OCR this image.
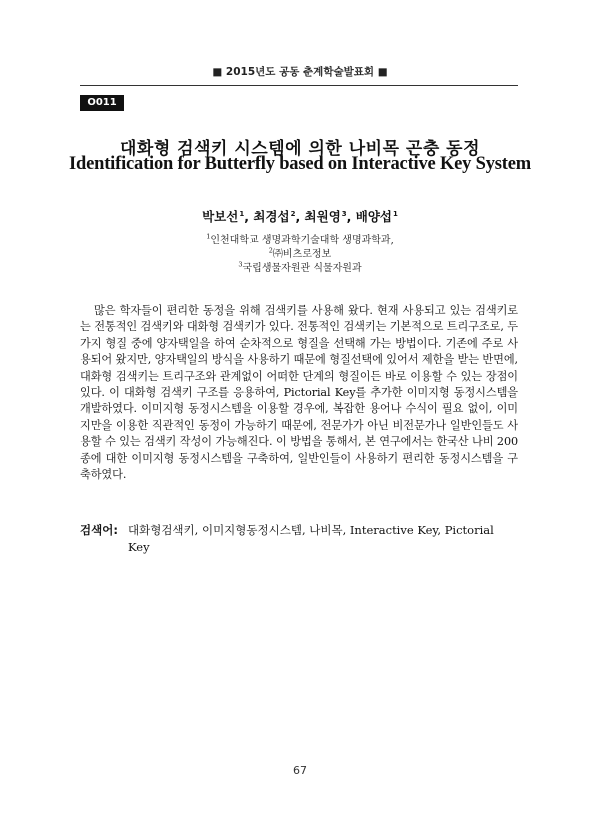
■ 2015년도 공동 춘계학술발표회 ■
O011
대화형 검색키 시스템에 의한 나비목 곤충 동정
Identification for Butterfly based on Interactive Key System
박보선$^1$, 최경섭$^2$, 최원영$^3$, 배양섭$^1$
$^1$인천대학교 생명과학기술대학 생명과학과,
$^2$㈜비츠로정보
$^3$국립생물자원관 식물자원과
많은 학자들이 편리한 동정을 위해 검색키를 사용해 왔다. 현재 사용되고 있는 검색키로는 전통적인 검색키와 대화형 검색키가 있다. 전통적인 검색키는 기본적으로 트리구조로, 두 가지 형질 중에 양자택일을 하여 순차적으로 형질을 선택해 가는 방법이다. 기존에 주로 사용되어 왔지만, 양자택일의 방식을 사용하기 때문에 형질선택에 있어서 제한을 받는 반면에, 대화형 검색키는 트리구조와 관계없이 어떠한 단계의 형질이든 바로 이용할 수 있는 장점이 있다. 이 대화형 검색키 구조를 응용하여, Pictorial Key를 추가한 이미지형 동정시스템을 개발하였다. 이미지형 동정시스템을 이용할 경우에, 복잡한 용어나 수식이 필요 없이, 이미지만을 이용한 직관적인 동정이 가능하기 때문에, 전문가가 아닌 비전문가나 일반인들도 사용할 수 있는 검색키 작성이 가능해진다. 이 방법을 통해서, 본 연구에서는 한국산 나비 200종에 대한 이미지형 동정시스템을 구축하여, 일반인들이 사용하기 편리한 동정시스템을 구축하였다.
검색어: 대화형검색키, 이미지형동정시스템, 나비목, Interactive Key, Pictorial Key
67
